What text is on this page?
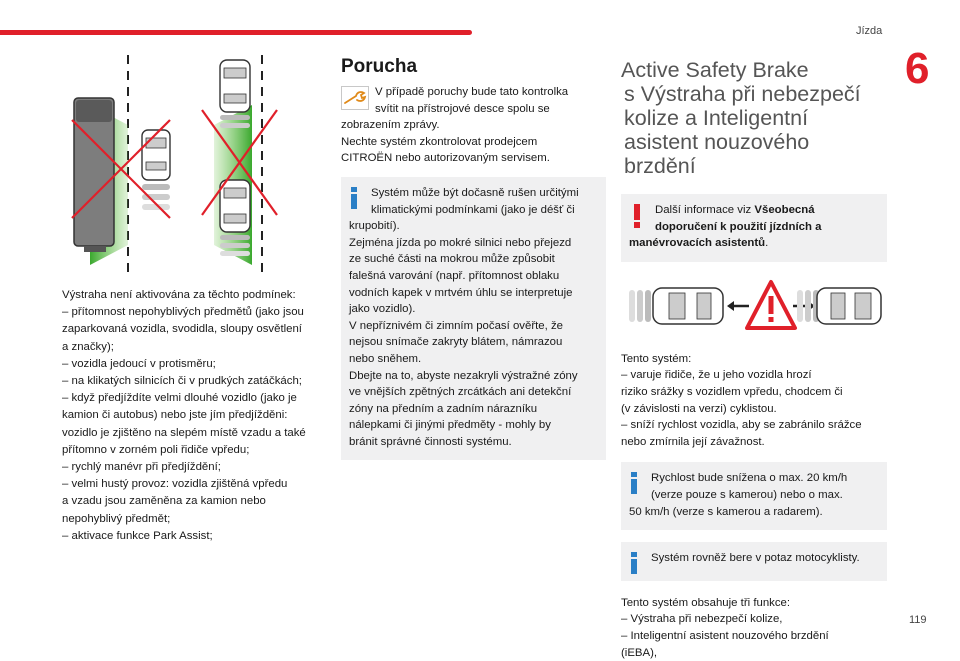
Jízda
6
119

Výstraha není aktivována za těchto podmínek:

– přítomnost nepohyblivých předmětů (jako jsou

zaparkovaná vozidla, svodidla, sloupy osvětlení

a značky);

– vozidla jedoucí v protisměru;

– na klikatých silnicích či v prudkých zatáčkách;

– když předjíždíte velmi dlouhé vozidlo (jako je

kamion či autobus) nebo jste jím předjížděni:

vozidlo je zjištěno na slepém místě vzadu a také

přítomno v zorném poli řidiče vpředu;

– rychlý manévr při předjíždění;

– velmi hustý provoz: vozidla zjištěná vpředu

a vzadu jsou zaměněna za kamion nebo

nepohyblivý předmět;

– aktivace funkce Park Assist;

Porucha

V případě poruchy bude tato kontrolka

svítit na přístrojové desce spolu se

zobrazením zprávy.

Nechte systém zkontrolovat prodejcem

CITROËN nebo autorizovaným servisem.

Systém může být dočasně rušen určitými

klimatickými podmínkami (jako je déšť či

krupobití).

Zejména jízda po mokré silnici nebo přejezd

ze suché části na mokrou může způsobit

falešná varování (např. přítomnost oblaku

vodních kapek v mrtvém úhlu se interpretuje

jako vozidlo).

V nepříznivém či zimním počasí ověřte, že

nejsou snímače zakryty blátem, námrazou

nebo sněhem.

Dbejte na to, abyste nezakryli výstražné zóny

ve vnějších zpětných zrcátkách ani detekční

zóny na předním a zadním nárazníku

nálepkami či jinými předměty - mohly by

bránit správné činnosti systému.

Active Safety Brake
s Výstraha při nebezpečí
kolize a Inteligentní
asistent nouzového
brzdění

Další informace viz Všeobecná

doporučení k použití jízdních a

manévrovacích asistentů.

Tento systém:

– varuje řidiče, že u jeho vozidla hrozí

riziko srážky s vozidlem vpředu, chodcem či

(v závislosti na verzi) cyklistou.

– sníží rychlost vozidla, aby se zabránilo srážce

nebo zmírnila její závažnost.

Rychlost bude snížena o max. 20 km/h

(verze pouze s kamerou) nebo o max.

50 km/h (verze s kamerou a radarem).

Systém rovněž bere v potaz motocyklisty.

Tento systém obsahuje tři funkce:

– Výstraha při nebezpečí kolize,

– Inteligentní asistent nouzového brzdění

(iEBA),
